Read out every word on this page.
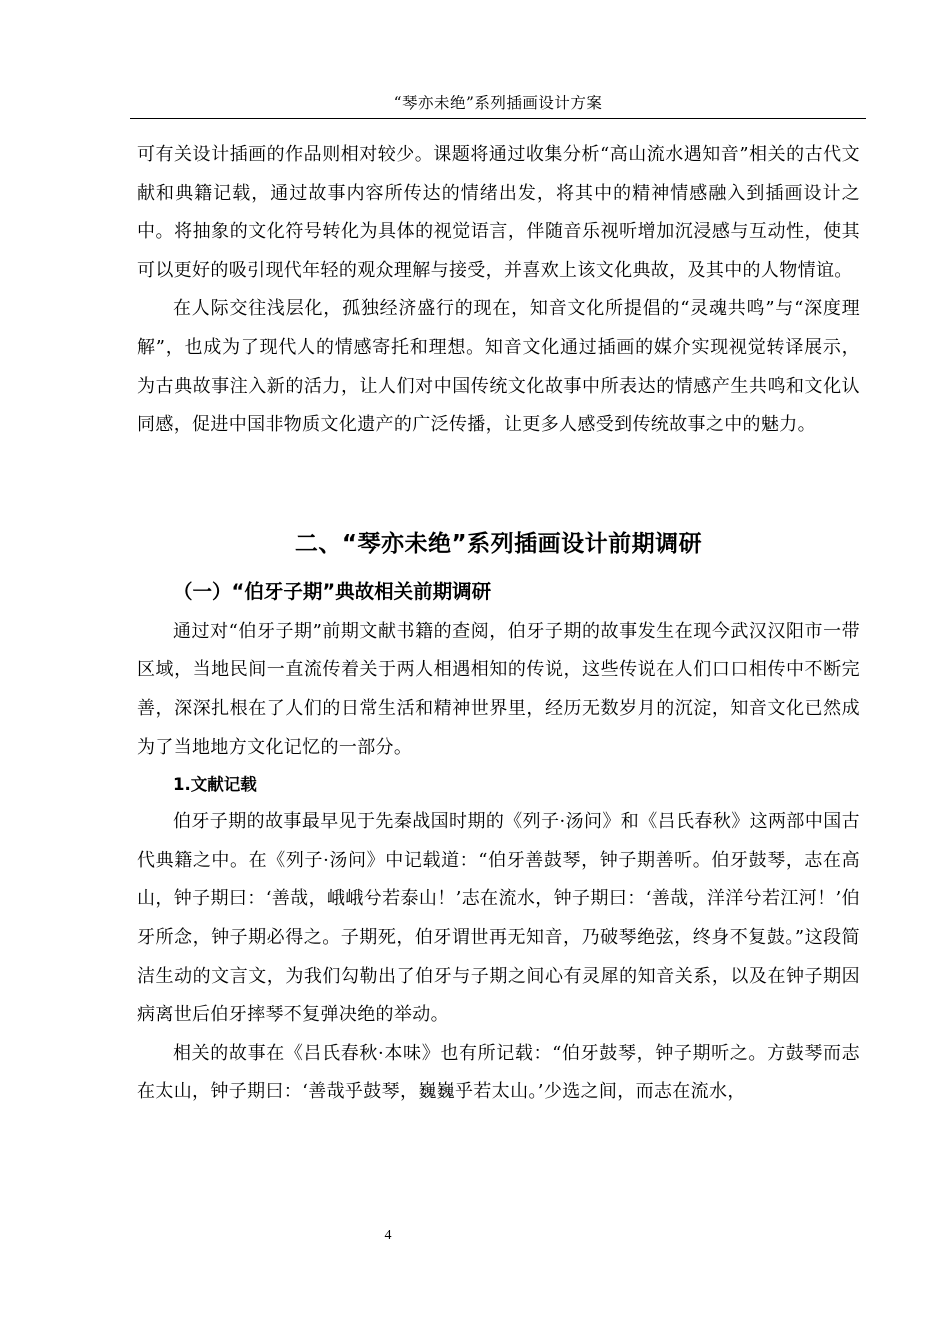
“琴亦未绝”系列插画设计方案

可有关设计插画的作品则相对较少。课题将通过收集分析“高山流水遇知音”相关的古代文献和典籍记载，通过故事内容所传达的情绪出发，将其中的精神情感融入到插画设计之中。将抽象的文化符号转化为具体的视觉语言，伴随音乐视听增加沉浸感与互动性，使其可以更好的吸引现代年轻的观众理解与接受，并喜欢上该文化典故，及其中的人物情谊。

在人际交往浅层化，孤独经济盛行的现在，知音文化所提倡的“灵魂共鸣”与“深度理解”，也成为了现代人的情感寄托和理想。知音文化通过插画的媒介实现视觉转译展示，为古典故事注入新的活力，让人们对中国传统文化故事中所表达的情感产生共鸣和文化认同感，促进中国非物质文化遗产的广泛传播，让更多人感受到传统故事之中的魅力。

二、“琴亦未绝”系列插画设计前期调研
（一）“伯牙子期”典故相关前期调研

通过对“伯牙子期”前期文献书籍的查阅，伯牙子期的故事发生在现今武汉汉阳市一带区域，当地民间一直流传着关于两人相遇相知的传说，这些传说在人们口口相传中不断完善，深深扎根在了人们的日常生活和精神世界里，经历无数岁月的沉淀，知音文化已然成为了当地地方文化记忆的一部分。

1.文献记载

伯牙子期的故事最早见于先秦战国时期的《列子·汤问》和《吕氏春秋》这两部中国古代典籍之中。在《列子·汤问》中记载道：“伯牙善鼓琴，钟子期善听。伯牙鼓琴，志在高山，钟子期曰：‘善哉，峨峨兮若泰山！’志在流水，钟子期曰：‘善哉，洋洋兮若江河！’伯牙所念，钟子期必得之。子期死，伯牙谓世再无知音，乃破琴绝弦，终身不复鼓。”这段简洁生动的文言文，为我们勾勒出了伯牙与子期之间心有灵犀的知音关系，以及在钟子期因病离世后伯牙摔琴不复弹决绝的举动。

相关的故事在《吕氏春秋·本味》也有所记载：“伯牙鼓琴，钟子期听之。方鼓琴而志在太山，钟子期曰：‘善哉乎鼓琴，巍巍乎若太山。’少选之间，而志在流水，

4
